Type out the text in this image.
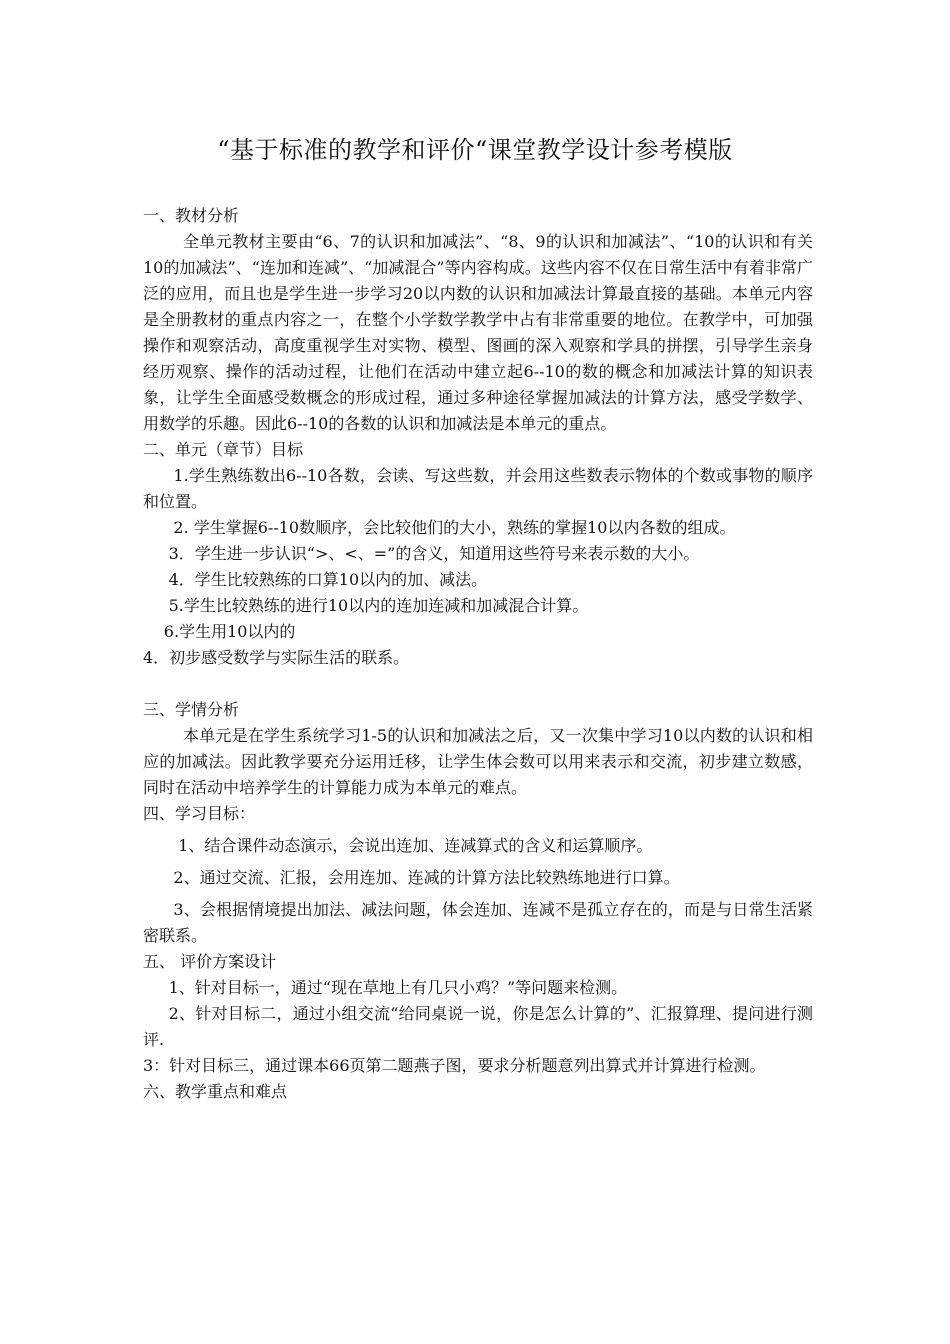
“基于标准的教学和评价“课堂教学设计参考模版

一、教材分析

全单元教材主要由“6、7的认识和加减法”、“8、9的认识和加减法”、“10的认识和有关10的加减法”、“连加和连减”、“加减混合”等内容构成。这些内容不仅在日常生活中有着非常广泛的应用，而且也是学生进一步学习20以内数的认识和加减法计算最直接的基础。本单元内容是全册教材的重点内容之一，在整个小学数学教学中占有非常重要的地位。在教学中，可加强操作和观察活动，高度重视学生对实物、模型、图画的深入观察和学具的拼摆，引导学生亲身经历观察、操作的活动过程，让他们在活动中建立起6--10的数的概念和加减法计算的知识表象，让学生全面感受数概念的形成过程，通过多种途径掌握加减法的计算方法，感受学数学、用数学的乐趣。因此6--10的各数的认识和加减法是本单元的重点。

二、单元（章节）目标

1.学生熟练数出6--10各数，会读、写这些数，并会用这些数表示物体的个数或事物的顺序和位置。

2. 学生掌握6--10数顺序，会比较他们的大小，熟练的掌握10以内各数的组成。

3．学生进一步认识“>、<、=”的含义，知道用这些符号来表示数的大小。

4．学生比较熟练的口算10以内的加、减法。

5.学生比较熟练的进行10以内的连加连减和加减混合计算。

6.学生用10以内的

4．初步感受数学与实际生活的联系。

三、学情分析

本单元是在学生系统学习1-5的认识和加减法之后，又一次集中学习10以内数的认识和相应的加减法。因此教学要充分运用迁移，让学生体会数可以用来表示和交流，初步建立数感，同时在活动中培养学生的计算能力成为本单元的难点。

四、学习目标：

1、结合课件动态演示，会说出连加、连减算式的含义和运算顺序。

2、通过交流、汇报，会用连加、连减的计算方法比较熟练地进行口算。

3、会根据情境提出加法、减法问题，体会连加、连减不是孤立存在的，而是与日常生活紧密联系。

五、 评价方案设计

1、针对目标一，通过“现在草地上有几只小鸡？”等问题来检测。

2、针对目标二，通过小组交流“给同桌说一说，你是怎么计算的”、汇报算理、提问进行测评.

3：针对目标三，通过课本66页第二题燕子图，要求分析题意列出算式并计算进行检测。

六、教学重点和难点
